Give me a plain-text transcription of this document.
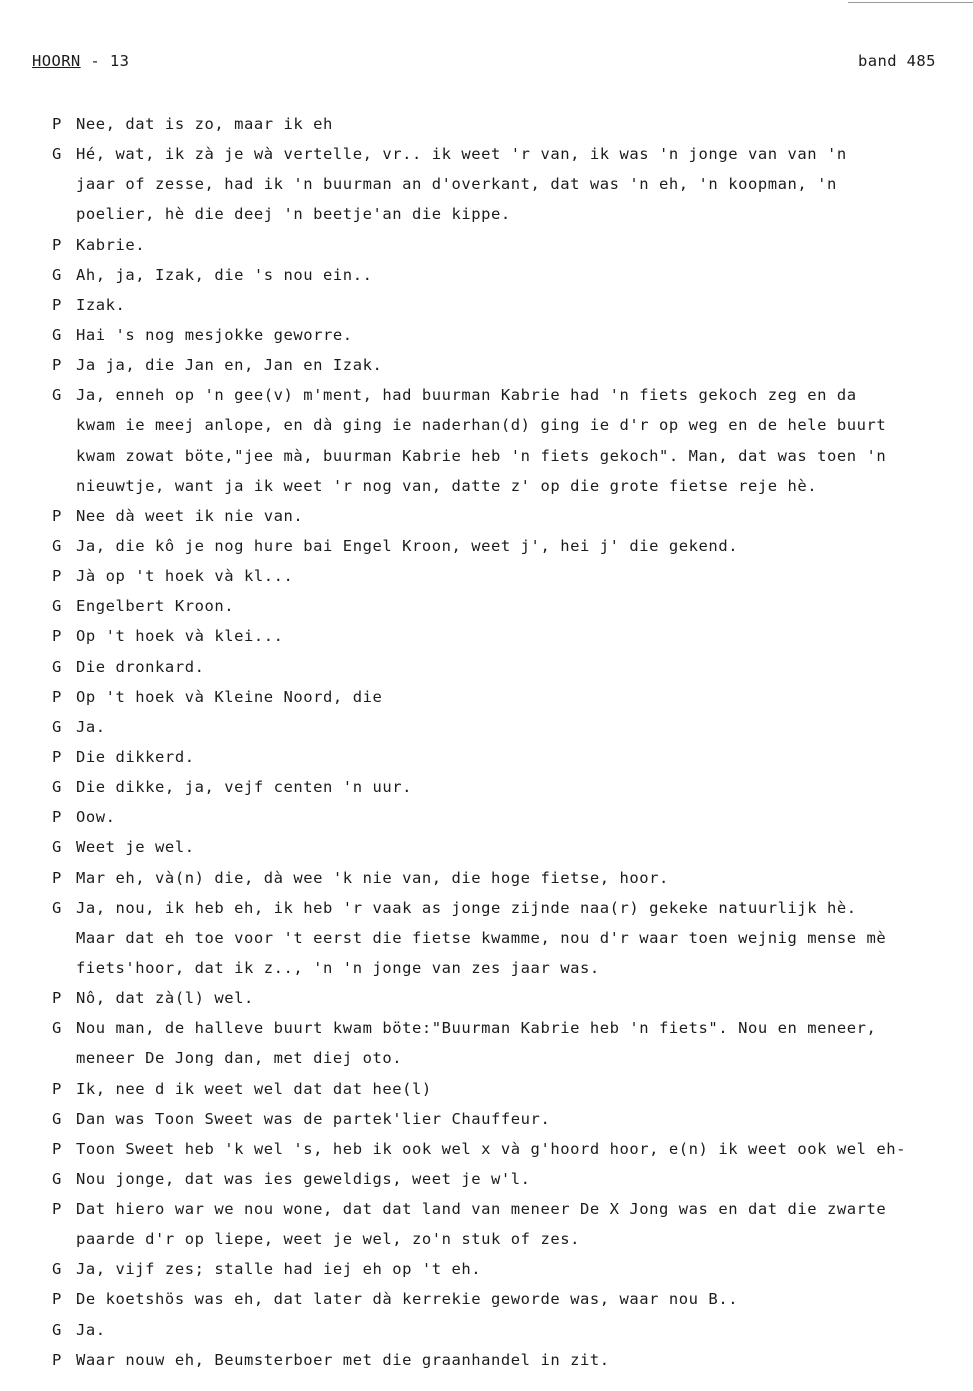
HOORN - 13	band 485
P Nee, dat is zo, maar ik eh
G Hé, wat, ik zà je wà vertelle, vr.. ik weet 'r van, ik was 'n jonge van van 'n
jaar of zesse, had ik 'n buurman an d'overkant, dat was 'n eh, 'n koopman, 'n
poelier, hè die deej 'n beetje'an die kippe.
P Kabrie.
G Ah, ja, Izak, die 's nou ein..
P Izak.
G Hai 's nog mesjokke geworre.
P Ja ja, die Jan en, Jan en Izak.
G Ja, enneh op 'n gee(v) m'ment, had buurman Kabrie had 'n fiets gekoch zeg en da
kwam ie meej anlope, en dà ging ie naderhan(d) ging ie d'r op weg en de hele buurt
kwam zowat böte,"jee mà, buurman Kabrie heb 'n fiets gekoch". Man, dat was toen 'n
nieuwtje, want ja ik weet 'r nog van, datte z' op die grote fietse reje hè.
P Nee dà weet ik nie van.
G Ja, die kô je nog hure bai Engel Kroon, weet j', hei j' die gekend.
P Jà op 't hoek và kl...
G Engelbert Kroon.
P Op 't hoek và klei...
G Die dronkard.
P Op 't hoek và Kleine Noord, die
G Ja.
P Die dikkerd.
G Die dikke, ja, vejf centen 'n uur.
P Oow.
G Weet je wel.
P Mar eh, và(n) die, dà wee 'k nie van, die hoge fietse, hoor.
G Ja, nou, ik heb eh, ik heb 'r vaak as jonge zijnde naa(r) gekeke natuurlijk hè.
Maar dat eh toe voor 't eerst die fietse kwamme, nou d'r waar toen wejnig mense mè
fiets'hoor, dat ik z.., 'n 'n jonge van zes jaar was.
P Nô, dat zà(l) wel.
G Nou man, de halleve buurt kwam böte:"Buurman Kabrie heb 'n fiets". Nou en meneer,
meneer De Jong dan, met diej oto.
P Ik, nee d ik weet wel dat dat hee(l)
G Dan was Toon Sweet was de partek'lier Chauffeur.
P Toon Sweet heb 'k wel 's, heb ik ook wel x và g'hoord hoor, e(n) ik weet ook wel eh-
G Nou jonge, dat was ies geweldigs, weet je w'l.
P Dat hiero war we nou wone, dat dat land van meneer De X Jong was en dat die zwarte
paarde d'r op liepe, weet je wel, zo'n stuk of zes.
G Ja, vijf zes; stalle had iej eh op 't eh.
P De koetshös was eh, dat later dà kerrekie geworde was, waar nou B..
G Ja.
P Waar nouw eh, Beumsterboer met die graanhandel in zit.
